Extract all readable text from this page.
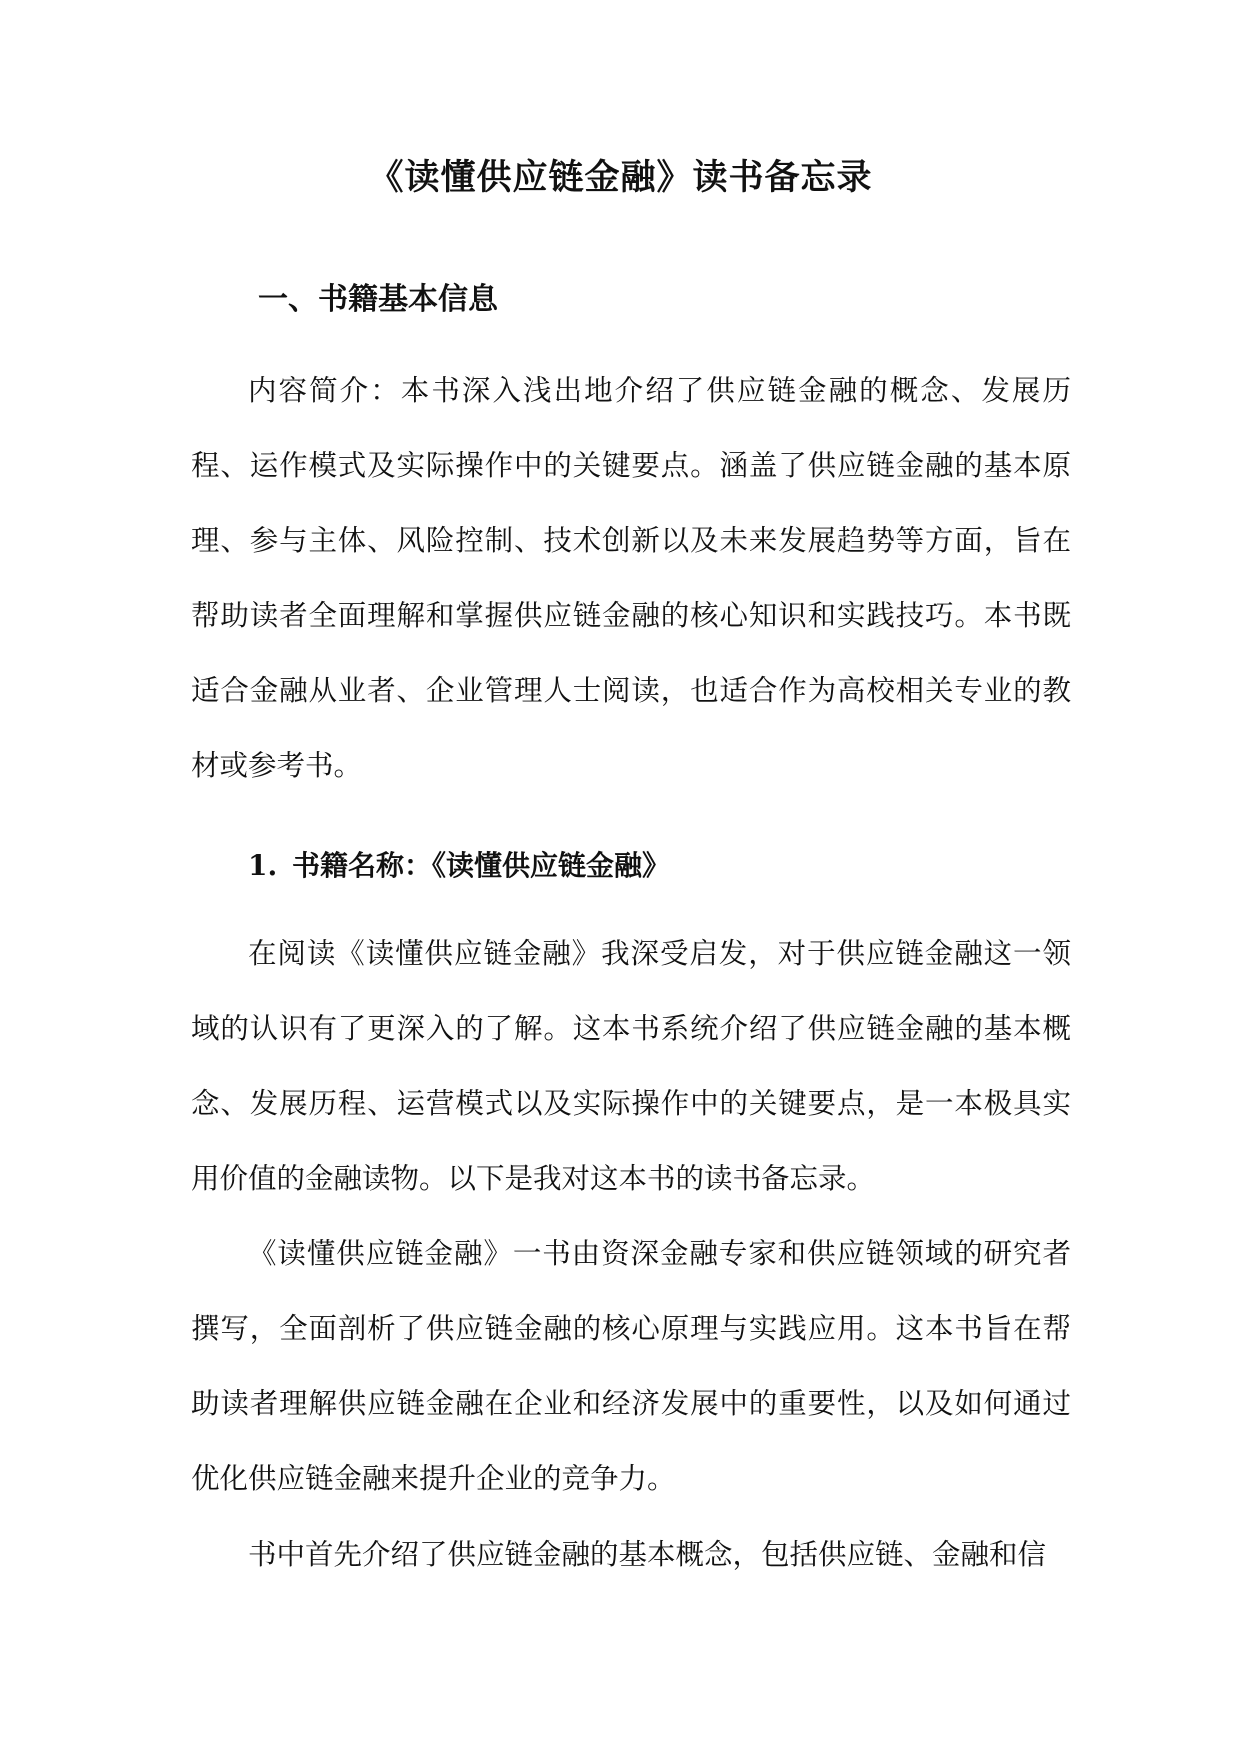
《读懂供应链金融》读书备忘录
一、书籍基本信息

内容简介：本书深入浅出地介绍了供应链金融的概念、发展历程、运作模式及实际操作中的关键要点。涵盖了供应链金融的基本原理、参与主体、风险控制、技术创新以及未来发展趋势等方面，旨在帮助读者全面理解和掌握供应链金融的核心知识和实践技巧。本书既适合金融从业者、企业管理人士阅读，也适合作为高校相关专业的教材或参考书。

1. 书籍名称：《读懂供应链金融》

在阅读《读懂供应链金融》我深受启发，对于供应链金融这一领域的认识有了更深入的了解。这本书系统介绍了供应链金融的基本概念、发展历程、运营模式以及实际操作中的关键要点，是一本极具实用价值的金融读物。以下是我对这本书的读书备忘录。

《读懂供应链金融》一书由资深金融专家和供应链领域的研究者撰写，全面剖析了供应链金融的核心原理与实践应用。这本书旨在帮助读者理解供应链金融在企业和经济发展中的重要性，以及如何通过优化供应链金融来提升企业的竞争力。

书中首先介绍了供应链金融的基本概念，包括供应链、金融和信
